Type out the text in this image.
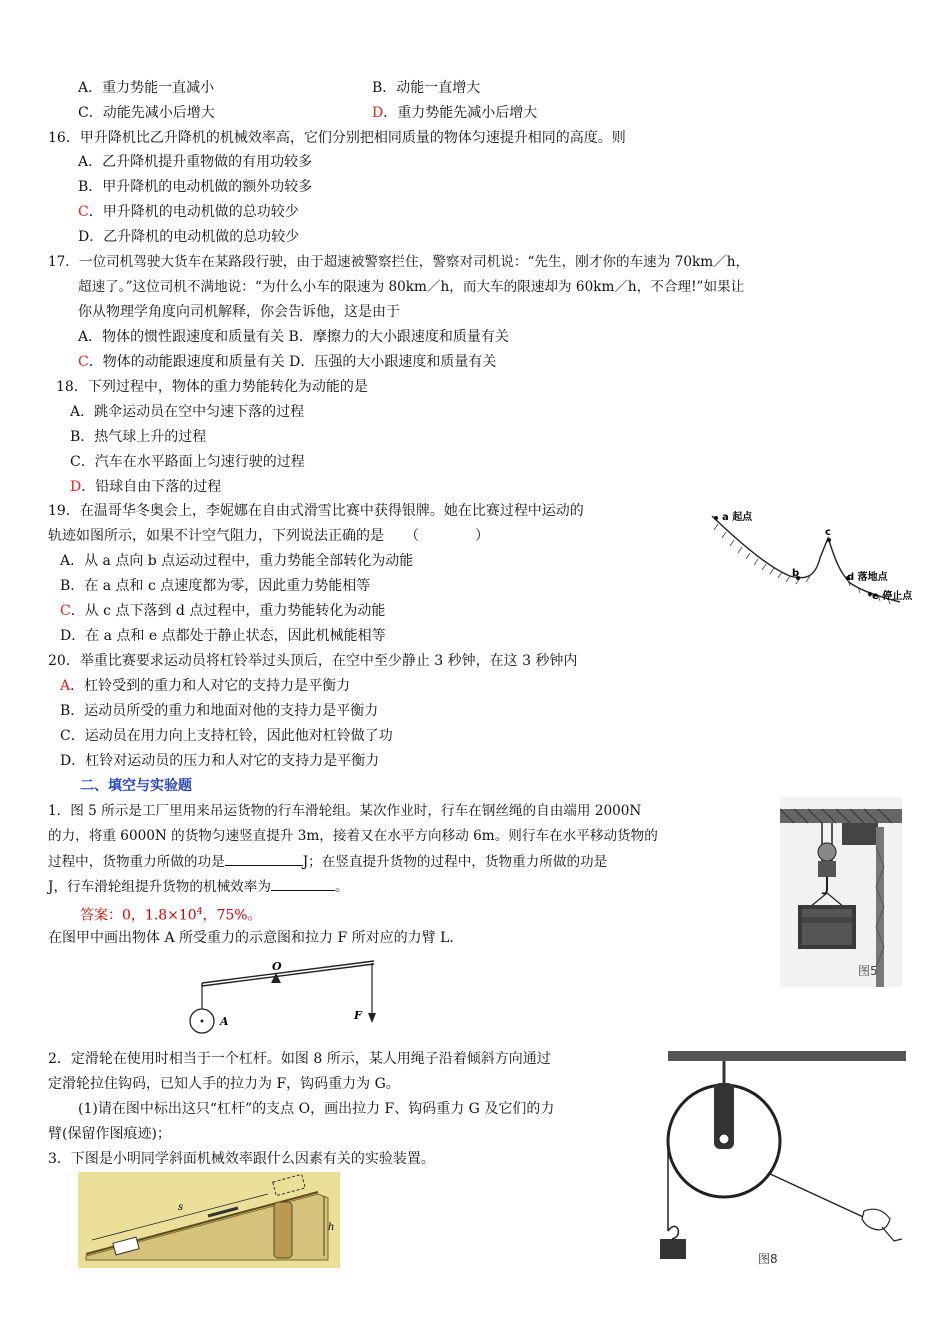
A．重力势能一直减小	B．动能一直增大
C．动能先减小后增大	D．重力势能先减小后增大
16．甲升降机比乙升降机的机械效率高，它们分别把相同质量的物体匀速提升相同的高度。则
A．乙升降机提升重物做的有用功较多
B．甲升降机的电动机做的额外功较多
C．甲升降机的电动机做的总功较少
D．乙升降机的电动机做的总功较少
17．一位司机驾驶大货车在某路段行驶，由于超速被警察拦住，警察对司机说：“先生，刚才你的车速为 70km／h，
超速了。”这位司机不满地说：“为什么小车的限速为 80km／h，而大车的限速却为 60km／h，不合理!”如果让
你从物理学角度向司机解释，你会告诉他，这是由于
A．物体的惯性跟速度和质量有关 B．摩擦力的大小跟速度和质量有关
C．物体的动能跟速度和质量有关 D．压强的大小跟速度和质量有关
18．下列过程中，物体的重力势能转化为动能的是
A．跳伞运动员在空中匀速下落的过程
B．热气球上升的过程
C．汽车在水平路面上匀速行驶的过程
D．铅球自由下落的过程
19．在温哥华冬奥会上，李妮娜在自由式滑雪比赛中获得银牌。她在比赛过程中运动的
轨迹如图所示，如果不计空气阻力，下列说法正确的是　　（　　　　）
A．从 a 点向 b 点运动过程中，重力势能全部转化为动能
B．在 a 点和 c 点速度都为零，因此重力势能相等
C．从 c 点下落到 d 点过程中，重力势能转化为动能
D．在 a 点和 e 点都处于静止状态，因此机械能相等
a 起点
b
c
d 落地点
e 停止点
20．举重比赛要求运动员将杠铃举过头顶后，在空中至少静止 3 秒钟，在这 3 秒钟内
A．杠铃受到的重力和人对它的支持力是平衡力
B．运动员所受的重力和地面对他的支持力是平衡力
C．运动员在用力向上支持杠铃，因此他对杠铃做了功
D．杠铃对运动员的压力和人对它的支持力是平衡力
二、填空与实验题
1．图 5 所示是工厂里用来吊运货物的行车滑轮组。某次作业时，行车在钢丝绳的自由端用 2000N
的力，将重 6000N 的货物匀速竖直提升 3m，接着又在水平方向移动 6m。则行车在水平移动货物的
过程中，货物重力所做的功是	J；在竖直提升货物的过程中，货物重力所做的功是
J，行车滑轮组提升货物的机械效率为	。
答案：0，$1.8\times 10^4$，75%。
图5
在图甲中画出物体 A 所受重力的示意图和拉力 F 所对应的力臂 L.
O
A	F
2．定滑轮在使用时相当于一个杠杆。如图 8 所示，某人用绳子沿着倾斜方向通过
定滑轮拉住钩码，已知人手的拉力为 F，钩码重力为 G。
(1)请在图中标出这只“杠杆”的支点 O，画出拉力 F、钩码重力 G 及它们的力
臂(保留作图痕迹)；
图8
3．下图是小明同学斜面机械效率跟什么因素有关的实验装置。
s
h
